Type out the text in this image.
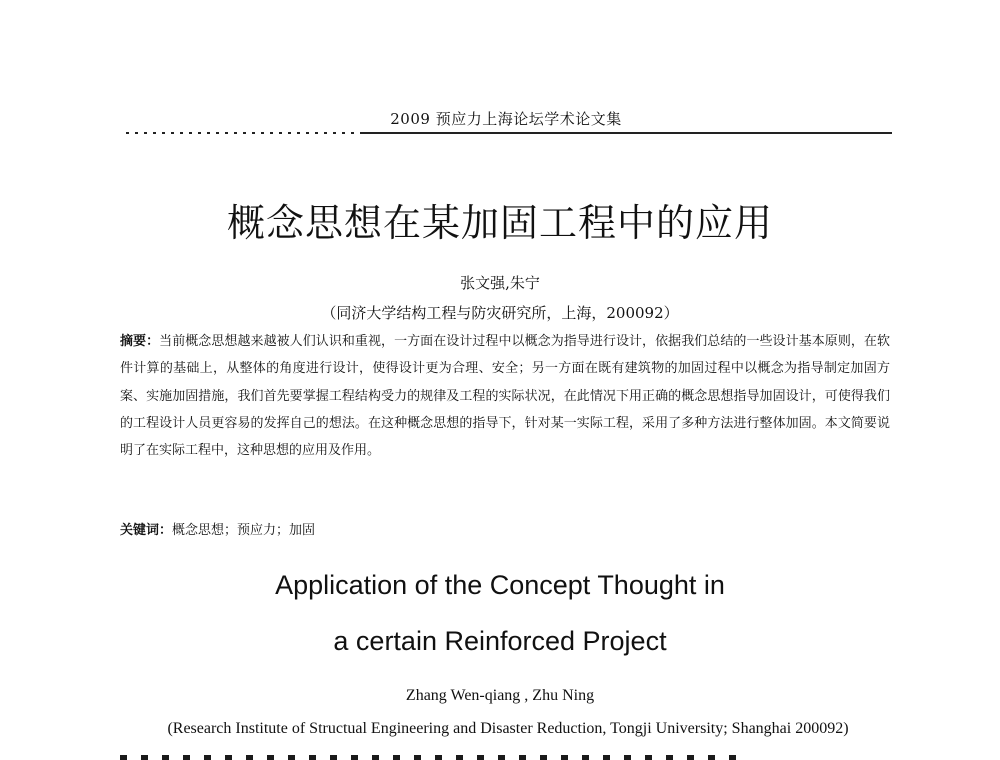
2009 预应力上海论坛学术论文集
概念思想在某加固工程中的应用
张文强,朱宁
（同济大学结构工程与防灾研究所，上海，200092）
摘要：当前概念思想越来越被人们认识和重视，一方面在设计过程中以概念为指导进行设计，依据我们总结的一些设计基本原则，在软件计算的基础上，从整体的角度进行设计，使得设计更为合理、安全；另一方面在既有建筑物的加固过程中以概念为指导制定加固方案、实施加固措施，我们首先要掌握工程结构受力的规律及工程的实际状况，在此情况下用正确的概念思想指导加固设计，可使得我们的工程设计人员更容易的发挥自己的想法。在这种概念思想的指导下，针对某一实际工程，采用了多种方法进行整体加固。本文简要说明了在实际工程中，这种思想的应用及作用。
关键词：概念思想；预应力；加固
Application of the Concept Thought in
a certain Reinforced Project
Zhang Wen-qiang , Zhu Ning
(Research Institute of Structual Engineering and Disaster Reduction, Tongji University; Shanghai 200092)
